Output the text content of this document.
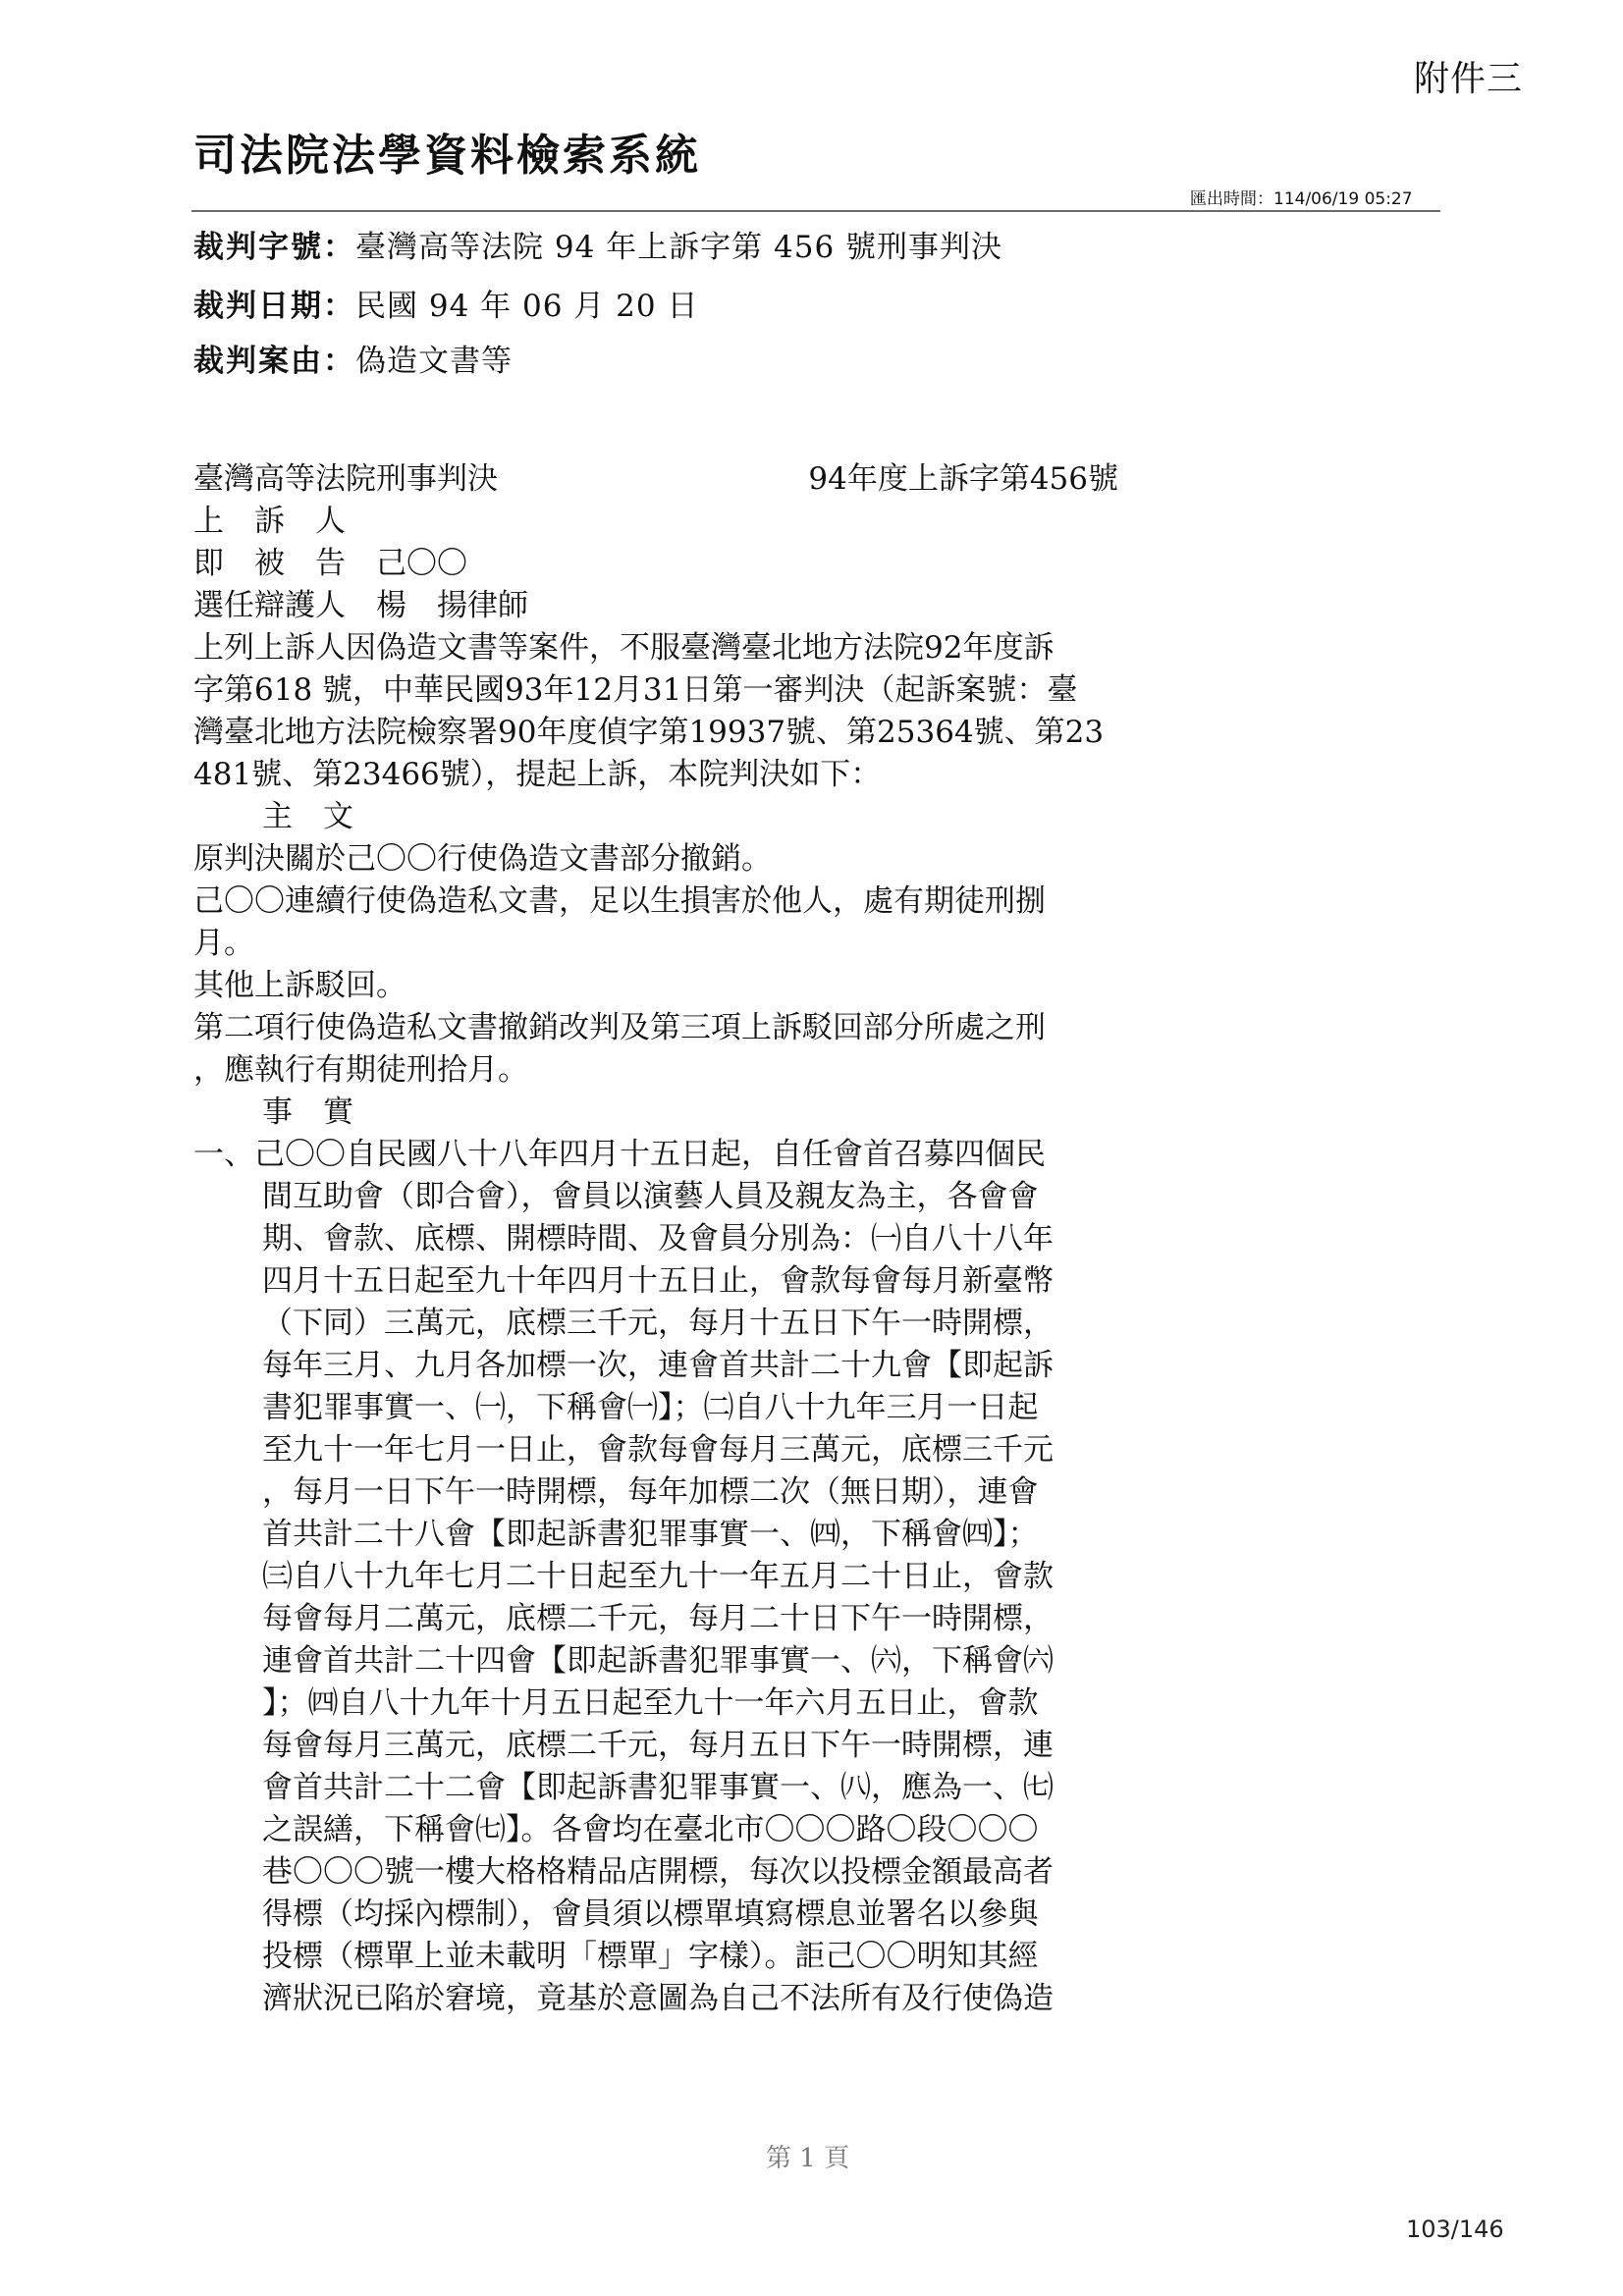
附件三
司法院法學資料檢索系統
匯出時間：114/06/19 05:27
裁判字號：臺灣高等法院 94 年上訴字第 456 號刑事判決
裁判日期：民國 94 年 06 月 20 日
裁判案由：偽造文書等
臺灣高等法院刑事判決	94年度上訴字第456號
上　訴　人
即　被　告　己〇〇
選任辯護人　楊　揚律師
上列上訴人因偽造文書等案件，不服臺灣臺北地方法院92年度訴
字第618 號，中華民國93年12月31日第一審判決（起訴案號：臺
灣臺北地方法院檢察署90年度偵字第19937號、第25364號、第23
481號、第23466號），提起上訴，本院判決如下：
主　文
原判決關於己〇〇行使偽造文書部分撤銷。
己〇〇連續行使偽造私文書，足以生損害於他人，處有期徒刑捌
月。
其他上訴駁回。
第二項行使偽造私文書撤銷改判及第三項上訴駁回部分所處之刑
，應執行有期徒刑拾月。
事　實
一、己〇〇自民國八十八年四月十五日起，自任會首召募四個民
間互助會（即合會），會員以演藝人員及親友為主，各會會
期、會款、底標、開標時間、及會員分別為：㈠自八十八年
四月十五日起至九十年四月十五日止，會款每會每月新臺幣
（下同）三萬元，底標三千元，每月十五日下午一時開標，
每年三月、九月各加標一次，連會首共計二十九會【即起訴
書犯罪事實一、㈠，下稱會㈠】；㈡自八十九年三月一日起
至九十一年七月一日止，會款每會每月三萬元，底標三千元
，每月一日下午一時開標，每年加標二次（無日期），連會
首共計二十八會【即起訴書犯罪事實一、㈣，下稱會㈣】；
㈢自八十九年七月二十日起至九十一年五月二十日止，會款
每會每月二萬元，底標二千元，每月二十日下午一時開標，
連會首共計二十四會【即起訴書犯罪事實一、㈥，下稱會㈥
】；㈣自八十九年十月五日起至九十一年六月五日止，會款
每會每月三萬元，底標二千元，每月五日下午一時開標，連
會首共計二十二會【即起訴書犯罪事實一、㈧，應為一、㈦
之誤繕，下稱會㈦】。各會均在臺北市〇〇〇路〇段〇〇〇
巷〇〇〇號一樓大格格精品店開標，每次以投標金額最高者
得標（均採內標制），會員須以標單填寫標息並署名以參與
投標（標單上並未載明「標單」字樣）。詎己〇〇明知其經
濟狀況已陷於窘境，竟基於意圖為自己不法所有及行使偽造
第 1 頁
103/146
